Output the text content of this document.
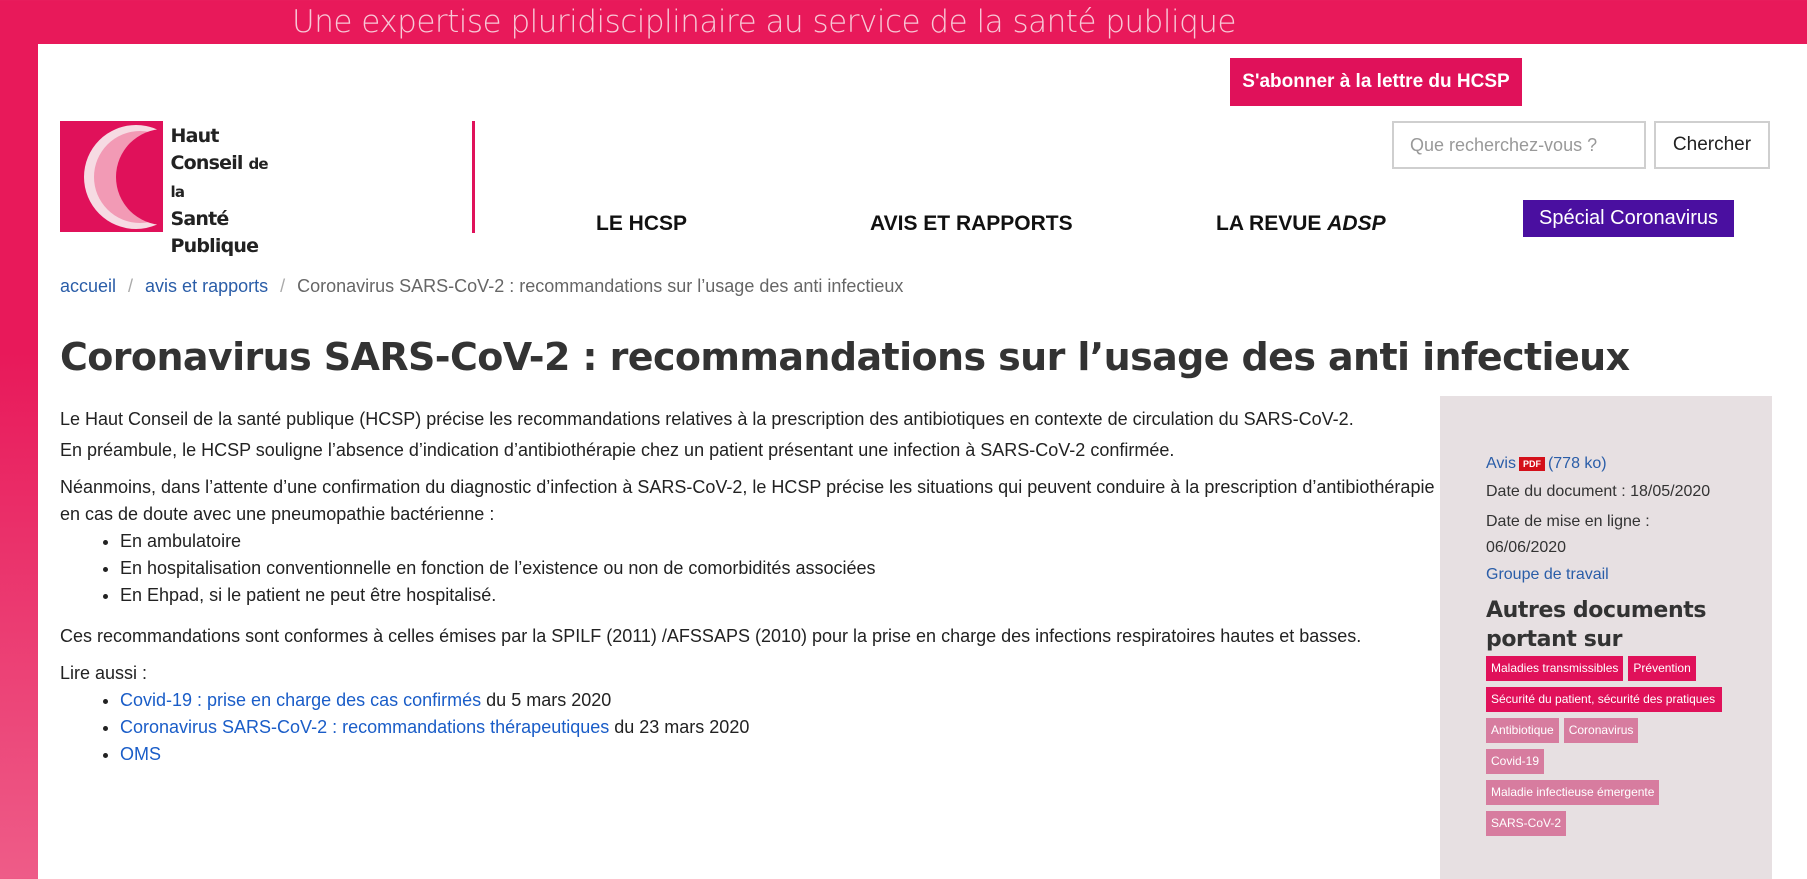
Une expertise pluridisciplinaire au service de la santé publique
S'abonner à la lettre du HCSP
Haut
Conseil de la
Santé
Publique
Que recherchez-vous ?	Chercher
LE HCSP	AVIS ET RAPPORTS	LA REVUE ADSP	Spécial Coronavirus
accueil / avis et rapports / Coronavirus SARS-CoV-2 : recommandations sur l’usage des anti infectieux
Coronavirus SARS-CoV-2 : recommandations sur l’usage des anti infectieux

Le Haut Conseil de la santé publique (HCSP) précise les recommandations relatives à la prescription des antibiotiques en contexte de circulation du SARS-CoV-2.

En préambule, le HCSP souligne l’absence d’indication d’antibiothérapie chez un patient présentant une infection à SARS-CoV-2 confirmée.

Néanmoins, dans l’attente d’une confirmation du diagnostic d’infection à SARS-CoV-2, le HCSP précise les situations qui peuvent conduire à la prescription d’antibiothérapie en cas de doute avec une pneumopathie bactérienne :

• En ambulatoire
• En hospitalisation conventionnelle en fonction de l’existence ou non de comorbidités associées
• En Ehpad, si le patient ne peut être hospitalisé.

Ces recommandations sont conformes à celles émises par la SPILF (2011) /AFSSAPS (2010) pour la prise en charge des infections respiratoires hautes et basses.

Lire aussi :

• Covid-19 : prise en charge des cas confirmés du 5 mars 2020
• Coronavirus SARS-CoV-2 : recommandations thérapeutiques du 23 mars 2020
• OMS
Avis PDF (778 ko)
Date du document : 18/05/2020
Date de mise en ligne :
06/06/2020
Groupe de travail
Autres documents portant sur
Maladies transmissibles	Prévention
Sécurité du patient, sécurité des pratiques
Antibiotique	Coronavirus
Covid-19
Maladie infectieuse émergente
SARS-CoV-2
